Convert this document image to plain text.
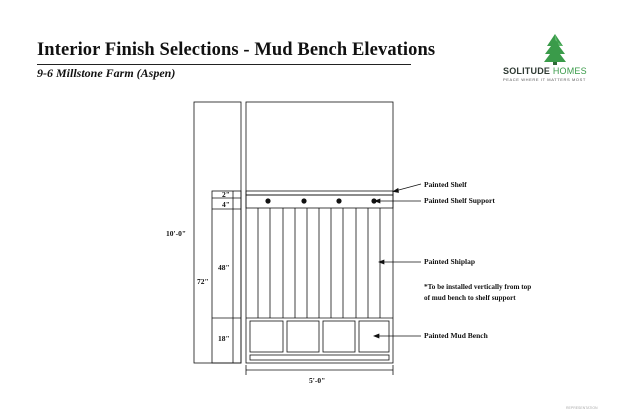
Interior Finish Selections - Mud Bench Elevations
9-6 Millstone Farm (Aspen)	SOLITUDE HOMES
PEACE WHERE IT MATTERS MOST
10'-0"
72"
2"
4"
48"
18"
5'-0"
Painted Shelf
Painted Shelf Support
Painted Shiplap
*To be installed vertically from top of mud bench to shelf support
Painted Mud Bench
REPRESENTATION
